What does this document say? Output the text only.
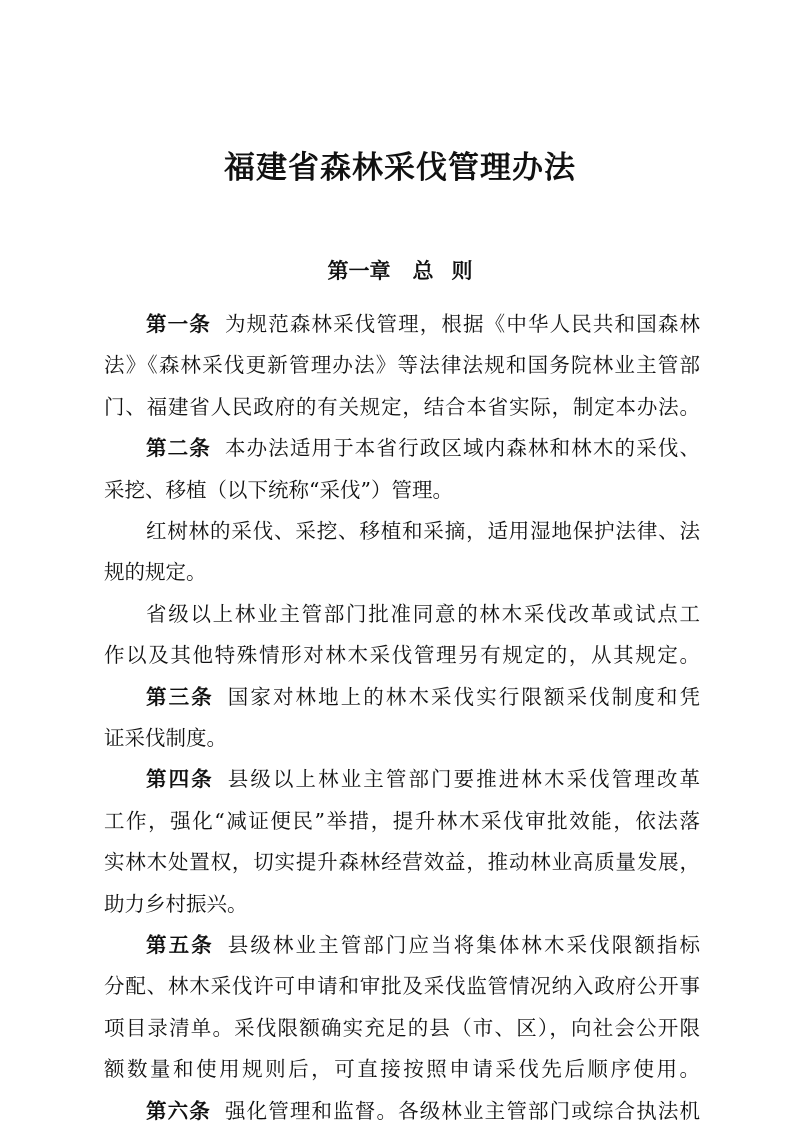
福建省森林采伐管理办法
第一章 总 则
第一条 为规范森林采伐管理，根据《中华人民共和国森林
法》《森林采伐更新管理办法》等法律法规和国务院林业主管部
门、福建省人民政府的有关规定，结合本省实际，制定本办法。
第二条 本办法适用于本省行政区域内森林和林木的采伐、
采挖、移植（以下统称“采伐”）管理。
红树林的采伐、采挖、移植和采摘，适用湿地保护法律、法
规的规定。
省级以上林业主管部门批准同意的林木采伐改革或试点工
作以及其他特殊情形对林木采伐管理另有规定的，从其规定。
第三条 国家对林地上的林木采伐实行限额采伐制度和凭
证采伐制度。
第四条 县级以上林业主管部门要推进林木采伐管理改革
工作，强化“减证便民”举措，提升林木采伐审批效能，依法落
实林木处置权，切实提升森林经营效益，推动林业高质量发展，
助力乡村振兴。
第五条 县级林业主管部门应当将集体林木采伐限额指标
分配、林木采伐许可申请和审批及采伐监管情况纳入政府公开事
项目录清单。采伐限额确实充足的县（市、区），向社会公开限
额数量和使用规则后，可直接按照申请采伐先后顺序使用。
第六条 强化管理和监督。各级林业主管部门或综合执法机
